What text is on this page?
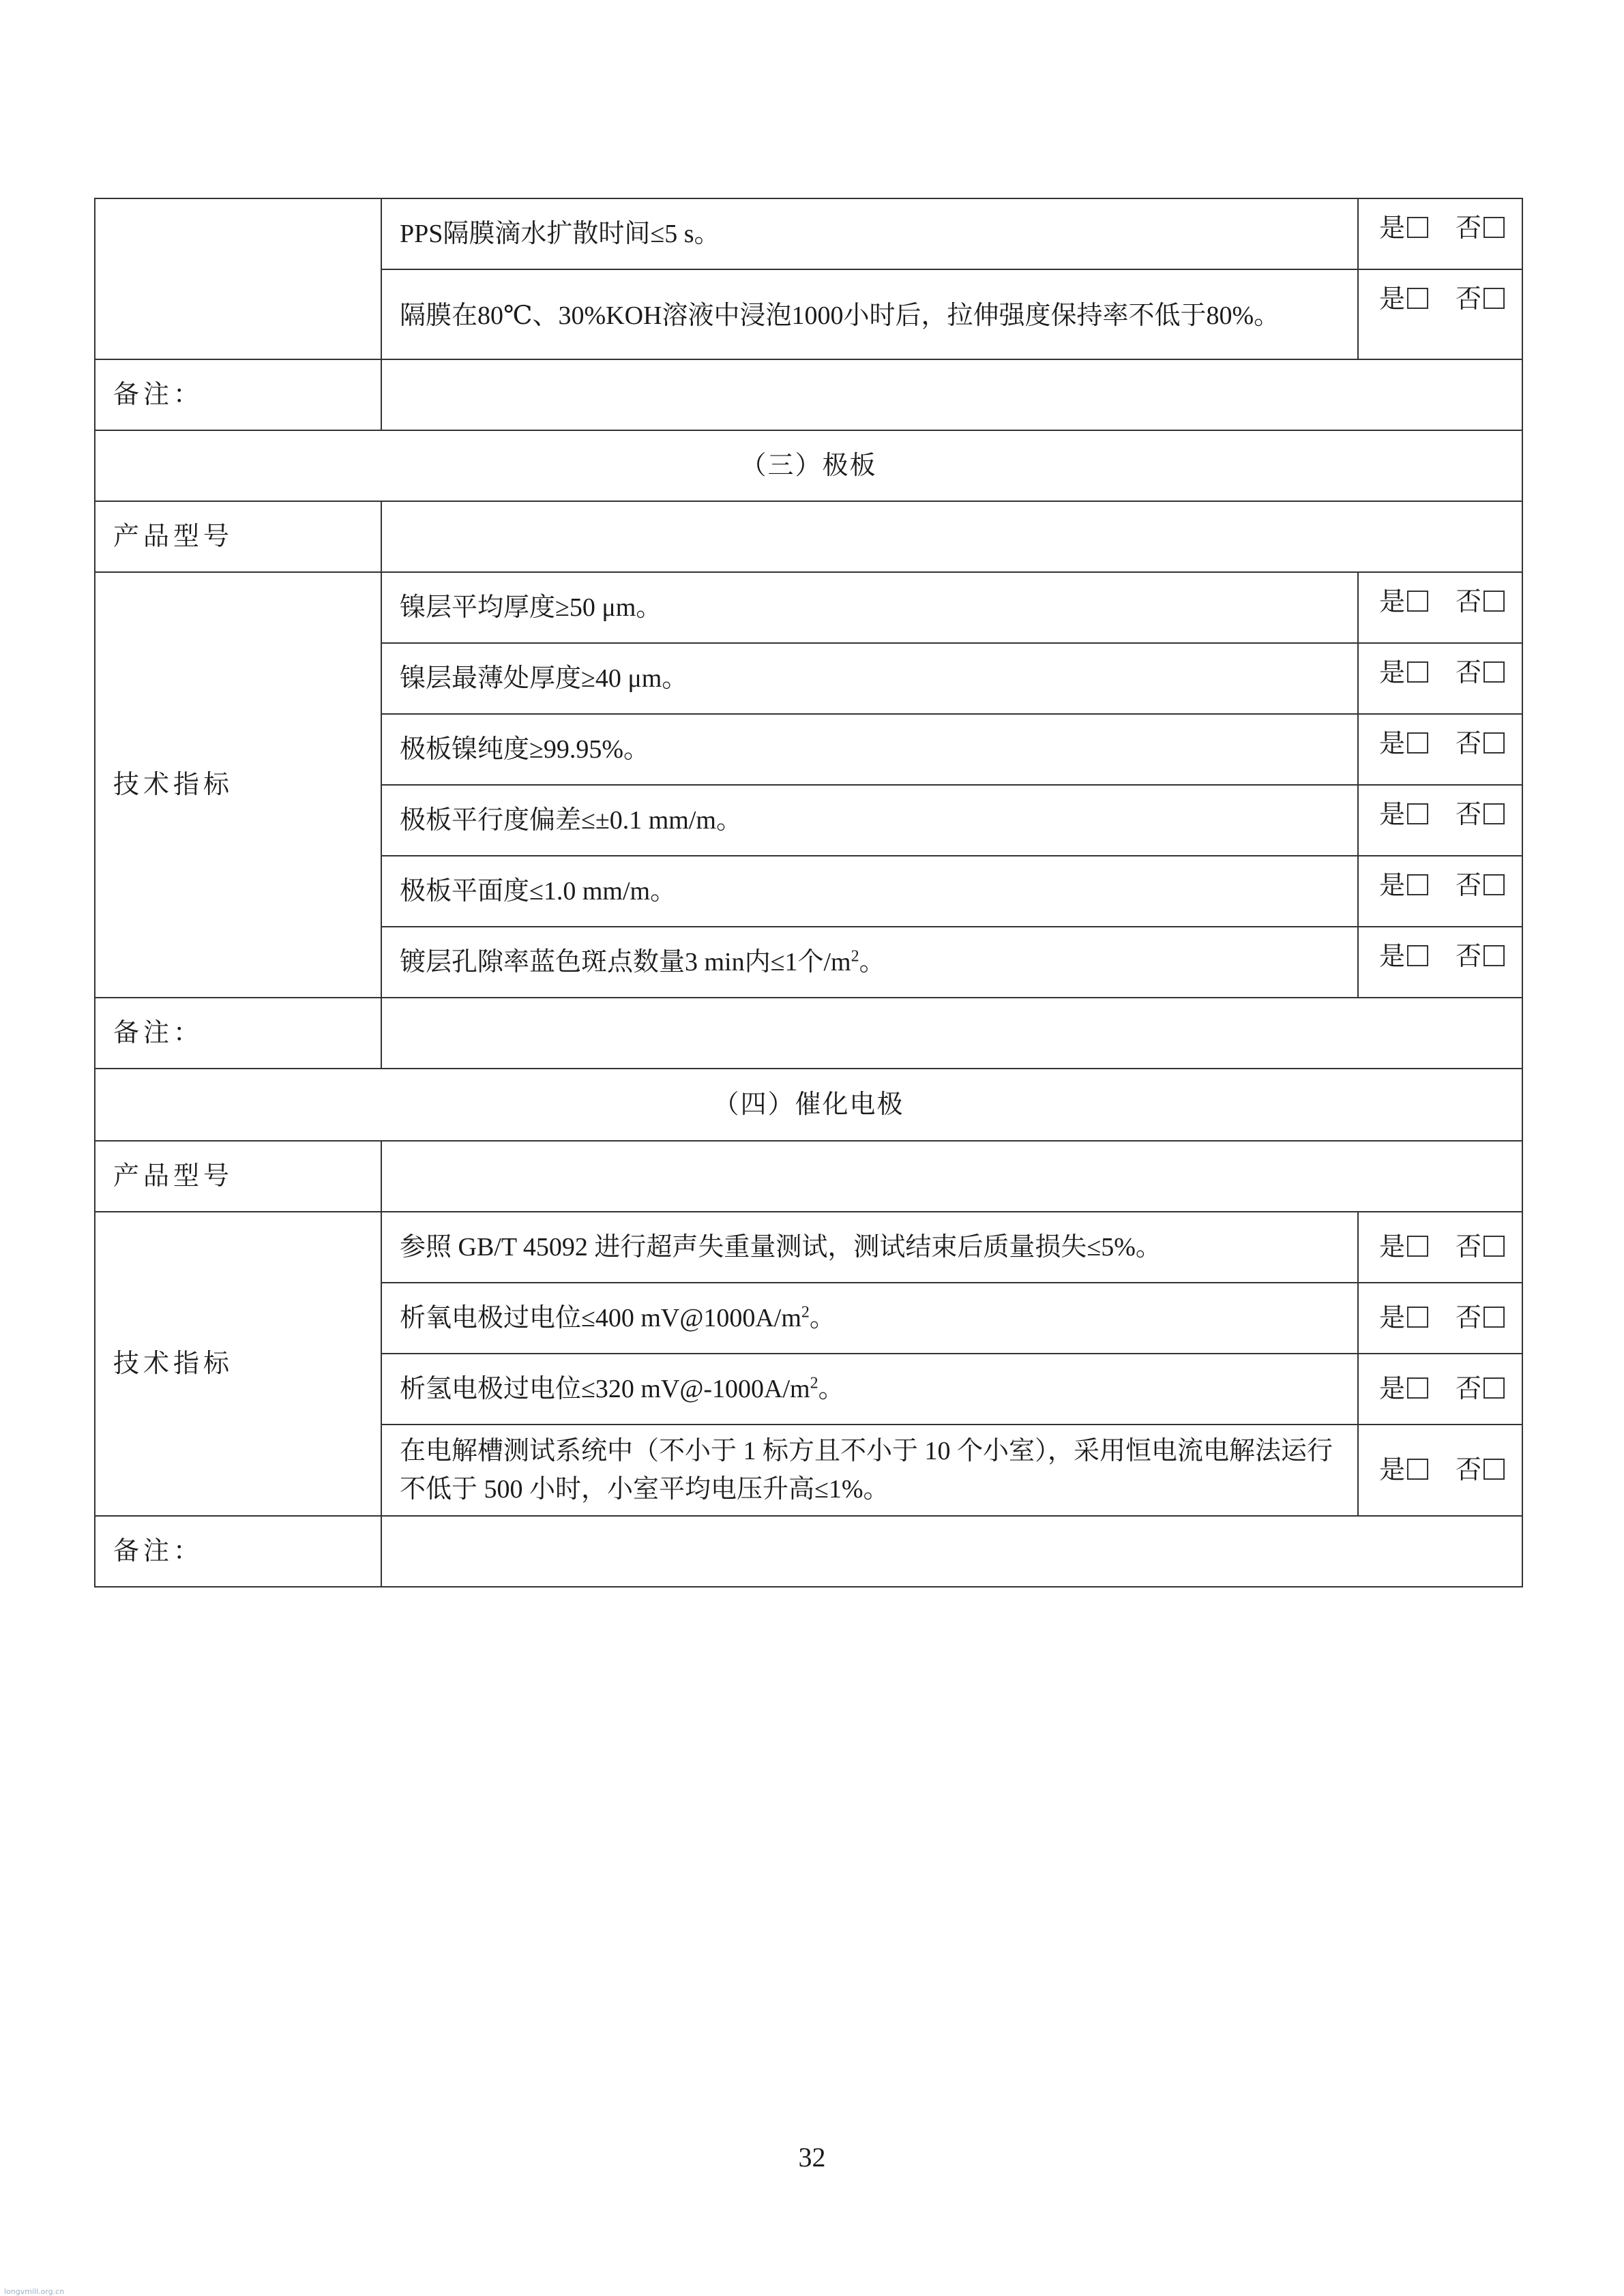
	PPS隔膜滴水扩散时间≤5 s。	是 否
	隔膜在80℃、30%KOH溶液中浸泡1000小时后，拉伸强度保持率不低于80%。	是 否
备注：		
（三）极板		
产品型号		
技术指标	镍层平均厚度≥50 μm。	是 否
	镍层最薄处厚度≥40 μm。	是 否
	极板镍纯度≥99.95%。	是 否
	极板平行度偏差≤±0.1 mm/m。	是 否
	极板平面度≤1.0 mm/m。	是 否
	镀层孔隙率蓝色斑点数量3 min内≤1个$/m^2$。	是 否
备注：		
（四）催化电极		
产品型号		
技术指标	参照 GB/T 45092 进行超声失重量测试，测试结束后质量损失≤5%。	是 否
	析氧电极过电位≤400 $mV@1000A/m^2$。	是 否
	析氢电极过电位≤320 $mV@-1000A/m^2$。	是 否
	在电解槽测试系统中（不小于 1 标方且不小于 10 个小室），采用恒电流电解法运行不低于 500 小时，小室平均电压升高≤1%。	是 否
备注：		
32
longvmill.org.cn
